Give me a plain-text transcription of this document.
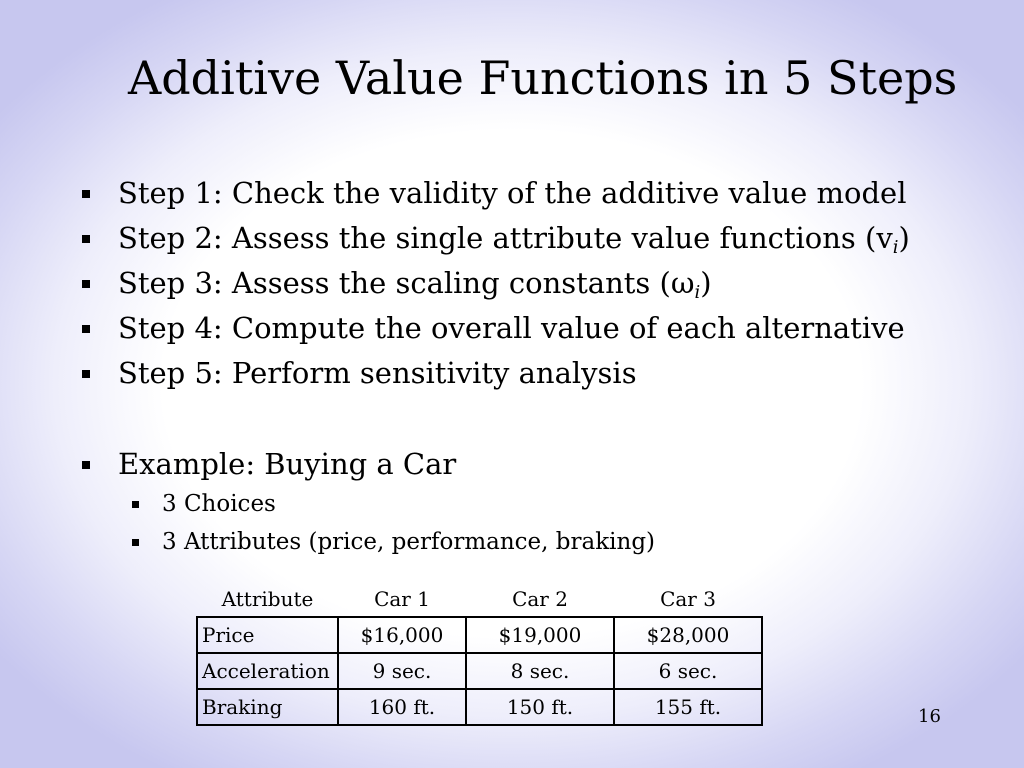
Additive Value Functions in 5 Steps
Step 1: Check the validity of the additive value model
Step 2: Assess the single attribute value functions $(v_i)$
Step 3: Assess the scaling constants $(\omega_i)$
Step 4: Compute the overall value of each alternative
Step 5: Perform sensitivity analysis
Example: Buying a Car
3 Choices
3 Attributes (price, performance, braking)
Attribute	Car 1	Car 2	Car 3
Price	$16,000	$19,000	$28,000
Acceleration	9 sec.	8 sec.	6 sec.
Braking	160 ft.	150 ft.	155 ft.	16
